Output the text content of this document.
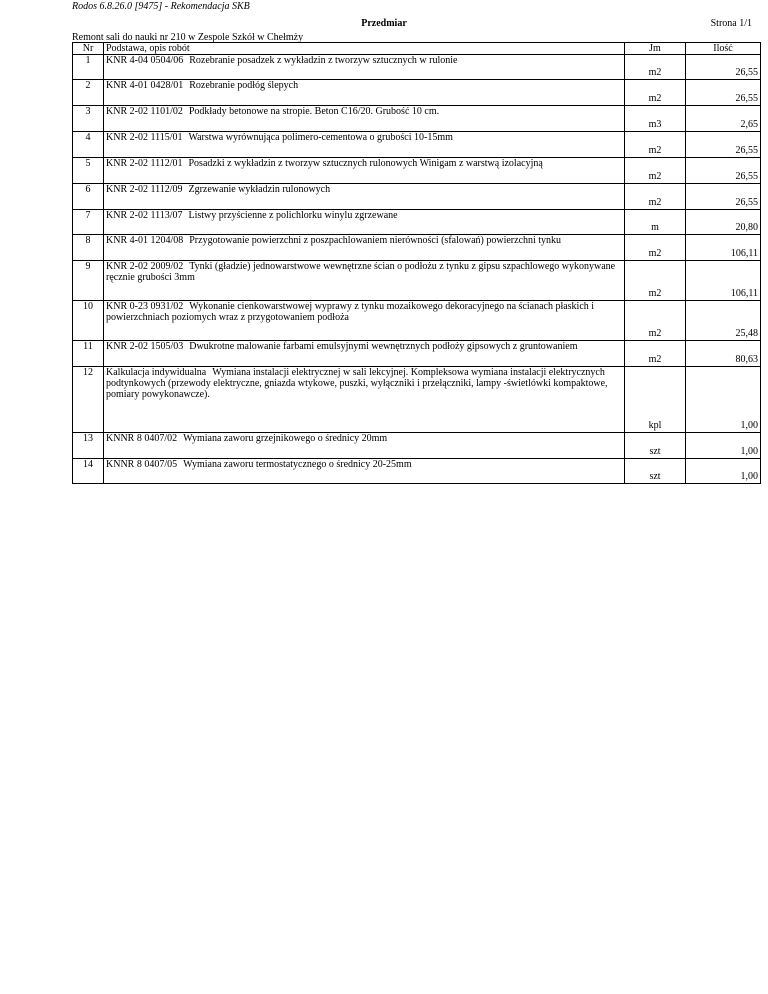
Rodos 6.8.26.0 [9475] - Rekomendacja SKB
Przedmiar	Strona 1/1
Remont sali do nauki nr 210 w Zespole Szkół w Chełmży
Nr	Podstawa, opis robót	Jm	Ilość
1	KNR 4-04 0504/06 Rozebranie posadzek z wykładzin z tworzyw sztucznych w rulonie	m2	26,55
2	KNR 4-01 0428/01 Rozebranie podłóg ślepych	m2	26,55
3	KNR 2-02 1101/02 Podkłady betonowe na stropie. Beton C16/20. Grubość 10 cm.	m3	2,65
4	KNR 2-02 1115/01 Warstwa wyrównująca polimero-cementowa o grubości 10-15mm	m2	26,55
5	KNR 2-02 1112/01 Posadzki z wykładzin z tworzyw sztucznych rulonowych Winigam z warstwą izolacyjną	m2	26,55
6	KNR 2-02 1112/09 Zgrzewanie wykładzin rulonowych	m2	26,55
7	KNR 2-02 1113/07 Listwy przyścienne z polichlorku winylu zgrzewane	m	20,80
8	KNR 4-01 1204/08 Przygotowanie powierzchni z poszpachlowaniem nierówności (sfalowań) powierzchni tynku	m2	106,11
9	KNR 2-02 2009/02 Tynki (gładzie) jednowarstwowe wewnętrzne ścian o podłożu z tynku z gipsu szpachlowego wykonywane ręcznie grubości 3mm	m2	106,11
10	KNR 0-23 0931/02 Wykonanie cienkowarstwowej wyprawy z tynku mozaikowego dekoracyjnego na ścianach płaskich i powierzchniach poziomych wraz z przygotowaniem podłoża	m2	25,48
11	KNR 2-02 1505/03 Dwukrotne malowanie farbami emulsyjnymi wewnętrznych podłoży gipsowych z gruntowaniem	m2	80,63
12	Kalkulacja indywidualna Wymiana instalacji elektrycznej w sali lekcyjnej. Kompleksowa wymiana instalacji elektrycznych podtynkowych (przewody elektryczne, gniazda wtykowe, puszki, wyłączniki i przełączniki, lampy -świetlówki kompaktowe, pomiary powykonawcze).	kpl	1,00
13	KNNR 8 0407/02 Wymiana zaworu grzejnikowego o średnicy 20mm	szt	1,00
14	KNNR 8 0407/05 Wymiana zaworu termostatycznego o średnicy 20-25mm	szt	1,00
